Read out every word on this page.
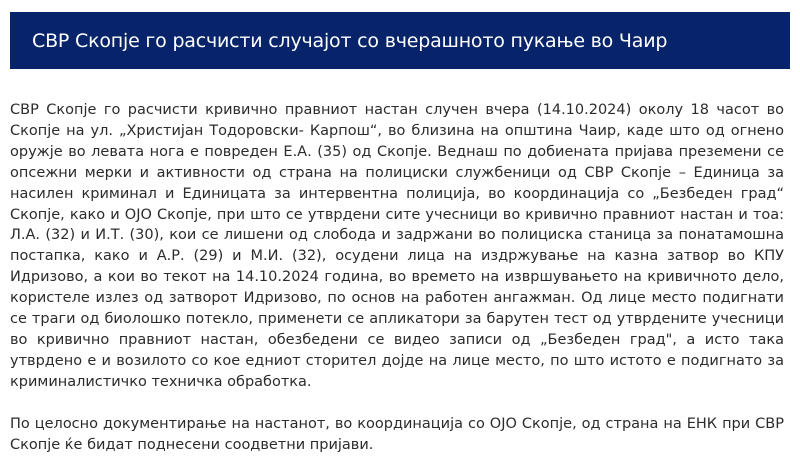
СВР Скопје го расчисти случајот со вчерашното пукање во Чаир

СВР Скопје го расчисти кривично правниот настан случен вчера (14.10.2024) околу 18 часот во Скопје на ул. „Христијан Тодоровски- Карпош“, во близина на општина Чаир, каде што од огнено оружје во левата нога е повреден Е.А. (35) од Скопје. Веднаш по добиената пријава преземени се опсежни мерки и активности од страна на полициски службеници од СВР Скопје – Единица за насилен криминал и Единицата за интервентна полиција, во координација со „Безбеден град“ Скопје, како и ОЈО Скопје, при што се утврдени сите учесници во кривично правниот настан и тоа: Л.А. (32) и И.Т. (30), кои се лишени од слобода и задржани во полициска станица за понатамошна постапка, како и А.Р. (29) и М.И. (32), осудени лица на издржување на казна затвор во КПУ Идризово, а кои во текот на 14.10.2024 година, во времето на извршувањето на кривичното дело, користеле излез од затворот Идризово, по основ на работен ангажман. Од лице место подигнати се траги од биолошко потекло, применети се апликатори за барутен тест од утврдените учесници во кривично правниот настан, обезбедени се видео записи од „Безбеден град", а исто така утврдено е и возилото со кое едниот сторител дојде на лице место, по што истото е подигнато за криминалистичко техничка обработка.

По целосно документирање на настанот, во координација со ОЈО Скопје, од страна на ЕНК при СВР Скопје ќе бидат поднесени соодветни пријави.
